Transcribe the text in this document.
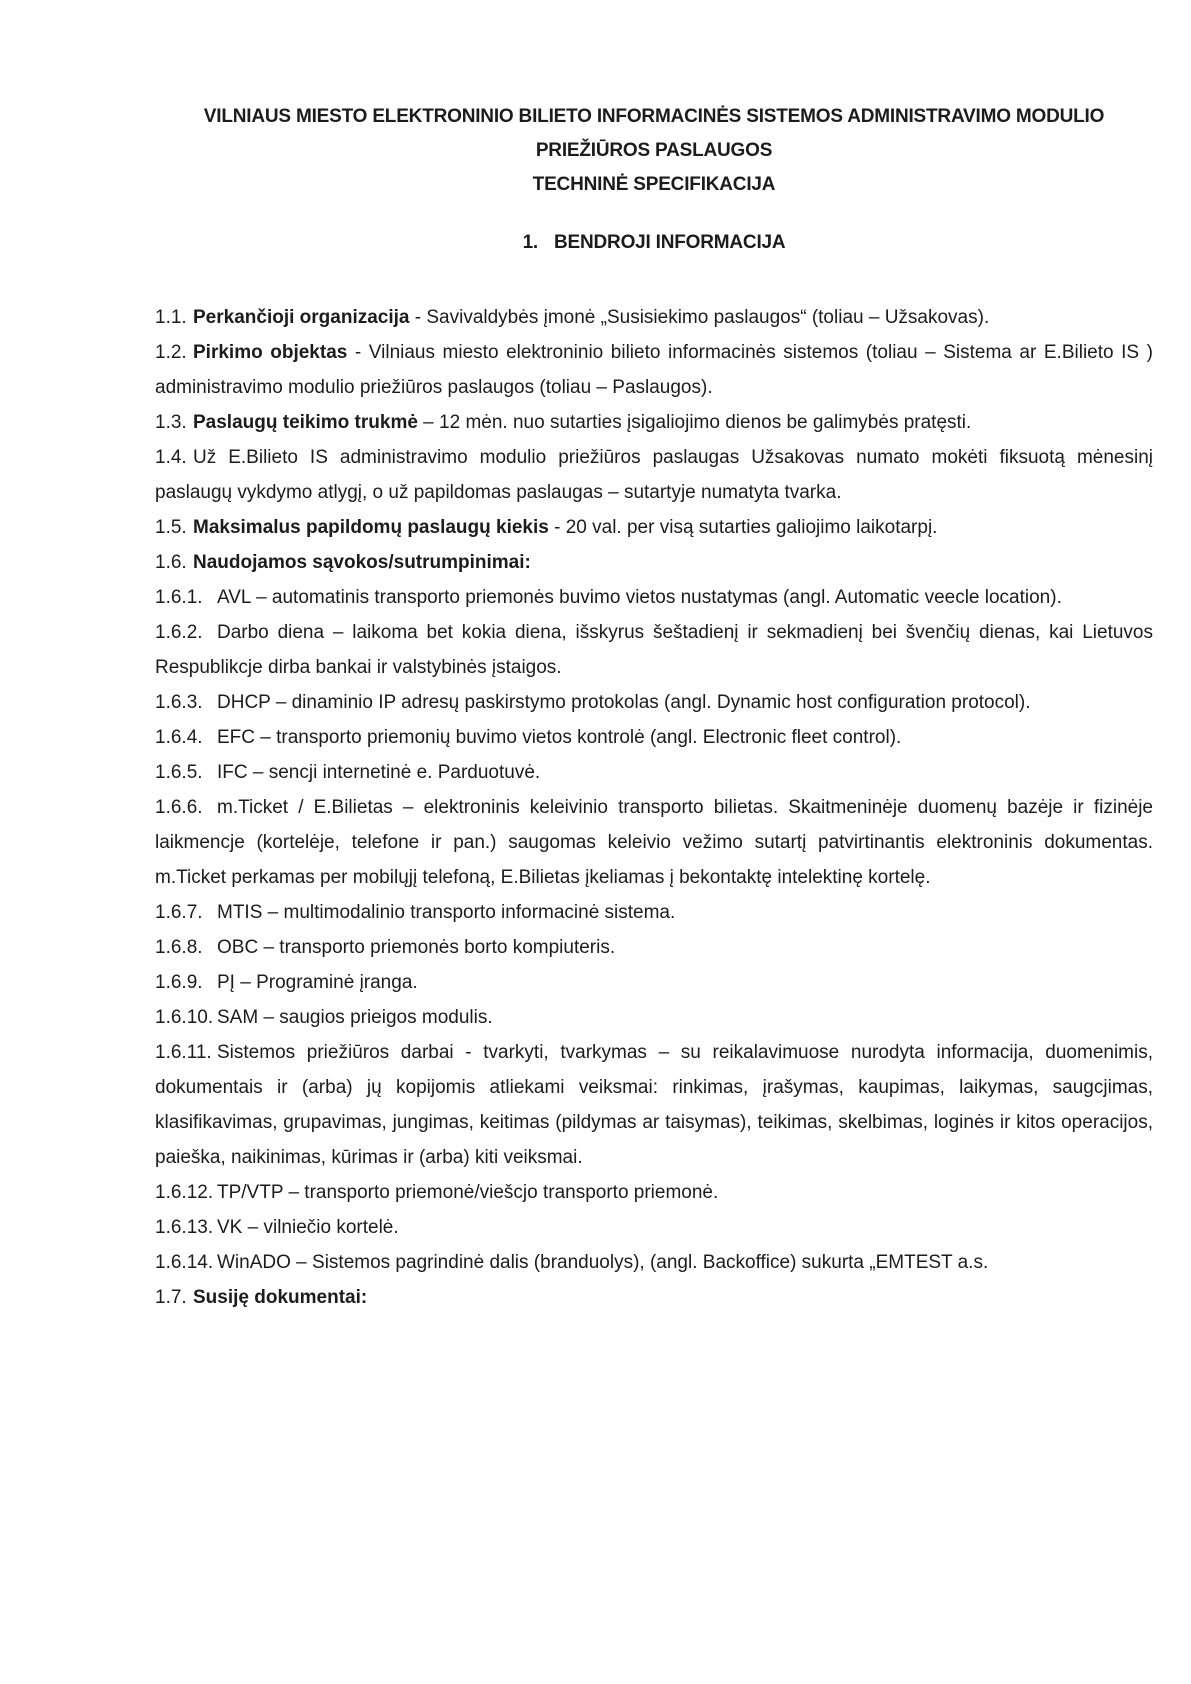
VILNIAUS MIESTO ELEKTRONINIO BILIETO INFORMACINĖS SISTEMOS ADMINISTRAVIMO MODULIO
PRIEŽIŪROS PASLAUGOS
TECHNINĖ SPECIFIKACIJA
1. BENDROJI INFORMACIJA
1.1. Perkančioji organizacija - Savivaldybės įmonė „Susisiekimo paslaugos“ (toliau – Užsakovas).
1.2. Pirkimo objektas - Vilniaus miesto elektroninio bilieto informacinės sistemos (toliau – Sistema ar E.Bilieto IS ) administravimo modulio priežiūros paslaugos (toliau – Paslaugos).
1.3. Paslaugų teikimo trukmė – 12 mėn. nuo sutarties įsigaliojimo dienos be galimybės pratęsti.
1.4. Už E.Bilieto IS administravimo modulio priežiūros paslaugas Užsakovas numato mokėti fiksuotą mėnesinį paslaugų vykdymo atlygį, o už papildomas paslaugas – sutartyje numatyta tvarka.
1.5. Maksimalus papildomų paslaugų kiekis - 20 val. per visą sutarties galiojimo laikotarpį.
1.6. Naudojamos sąvokos/sutrumpinimai:
1.6.1. AVL – automatinis transporto priemonės buvimo vietos nustatymas (angl. Automatic veecle location).
1.6.2. Darbo diena – laikoma bet kokia diena, išskyrus šeštadienį ir sekmadienį bei švenčių dienas, kai Lietuvos Respublikcje dirba bankai ir valstybinės įstaigos.
1.6.3. DHCP – dinaminio IP adresų paskirstymo protokolas (angl. Dynamic host configuration protocol).
1.6.4. EFC – transporto priemonių buvimo vietos kontrolė (angl. Electronic fleet control).
1.6.5. IFC – sencji internetinė e. Parduotuvė.
1.6.6. m.Ticket / E.Bilietas – elektroninis keleivinio transporto bilietas. Skaitmeninėje duomenų bazėje ir fizinėje laikmencje (kortelėje, telefone ir pan.) saugomas keleivio vežimo sutartį patvirtinantis elektroninis dokumentas. m.Ticket perkamas per mobilųjį telefoną, E.Bilietas įkeliamas į bekontaktę intelektinę kortelę.
1.6.7. MTIS – multimodalinio transporto informacinė sistema.
1.6.8. OBC – transporto priemonės borto kompiuteris.
1.6.9. PĮ – Programinė įranga.
1.6.10. SAM – saugios prieigos modulis.
1.6.11. Sistemos priežiūros darbai - tvarkyti, tvarkymas – su reikalavimuose nurodyta informacija, duomenimis, dokumentais ir (arba) jų kopijomis atliekami veiksmai: rinkimas, įrašymas, kaupimas, laikymas, saugcjimas, klasifikavimas, grupavimas, jungimas, keitimas (pildymas ar taisymas), teikimas, skelbimas, loginės ir kitos operacijos, paieška, naikinimas, kūrimas ir (arba) kiti veiksmai.
1.6.12. TP/VTP – transporto priemonė/viešcjo transporto priemonė.
1.6.13. VK – vilniečio kortelė.
1.6.14. WinADO – Sistemos pagrindinė dalis (branduolys), (angl. Backoffice) sukurta „EMTEST a.s.
1.7. Susiję dokumentai:
